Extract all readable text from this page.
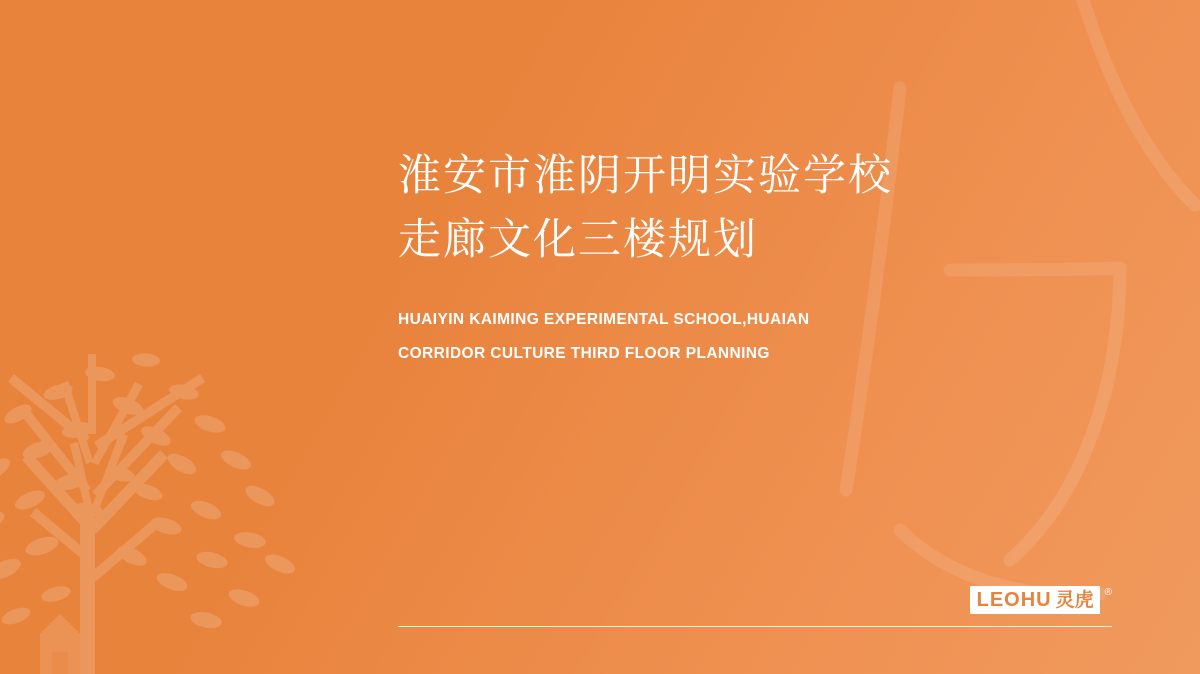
淮安市淮阴开明实验学校
走廊文化三楼规划
HUAIYIN KAIMING EXPERIMENTAL SCHOOL,HUAIAN
CORRIDOR CULTURE THIRD FLOOR PLANNING
LEOHU 灵虎 ®
